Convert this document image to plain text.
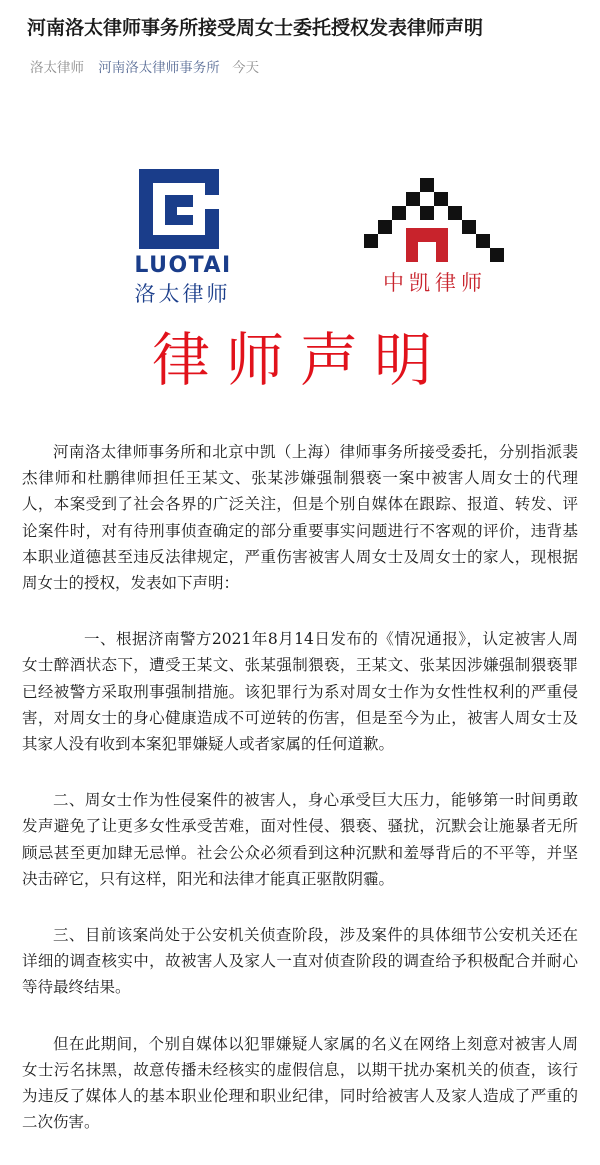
河南洛太律师事务所接受周女士委托授权发表律师声明
洛太律师 河南洛太律师事务所 今天
LUOTAI
洛太律师	中凯律师
律师声明

河南洛太律师事务所和北京中凯（上海）律师事务所接受委托，分别指派裴杰律师和杜鹏律师担任王某文、张某涉嫌强制猥亵一案中被害人周女士的代理人，本案受到了社会各界的广泛关注，但是个别自媒体在跟踪、报道、转发、评论案件时，对有待刑事侦查确定的部分重要事实问题进行不客观的评价，违背基本职业道德甚至违反法律规定，严重伤害被害人周女士及周女士的家人，现根据周女士的授权，发表如下声明：

一、根据济南警方2021年8月14日发布的《情况通报》，认定被害人周女士醉酒状态下，遭受王某文、张某强制猥亵，王某文、张某因涉嫌强制猥亵罪已经被警方采取刑事强制措施。该犯罪行为系对周女士作为女性性权利的严重侵害，对周女士的身心健康造成不可逆转的伤害，但是至今为止，被害人周女士及其家人没有收到本案犯罪嫌疑人或者家属的任何道歉。

二、周女士作为性侵案件的被害人，身心承受巨大压力，能够第一时间勇敢发声避免了让更多女性承受苦难，面对性侵、猥亵、骚扰，沉默会让施暴者无所顾忌甚至更加肆无忌惮。社会公众必须看到这种沉默和羞辱背后的不平等，并坚决击碎它，只有这样，阳光和法律才能真正驱散阴霾。

三、目前该案尚处于公安机关侦查阶段，涉及案件的具体细节公安机关还在详细的调查核实中，故被害人及家人一直对侦查阶段的调查给予积极配合并耐心等待最终结果。

但在此期间，个别自媒体以犯罪嫌疑人家属的名义在网络上刻意对被害人周女士污名抹黑，故意传播未经核实的虚假信息，以期干扰办案机关的侦查，该行为违反了媒体人的基本职业伦理和职业纪律，同时给被害人及家人造成了严重的二次伤害。
